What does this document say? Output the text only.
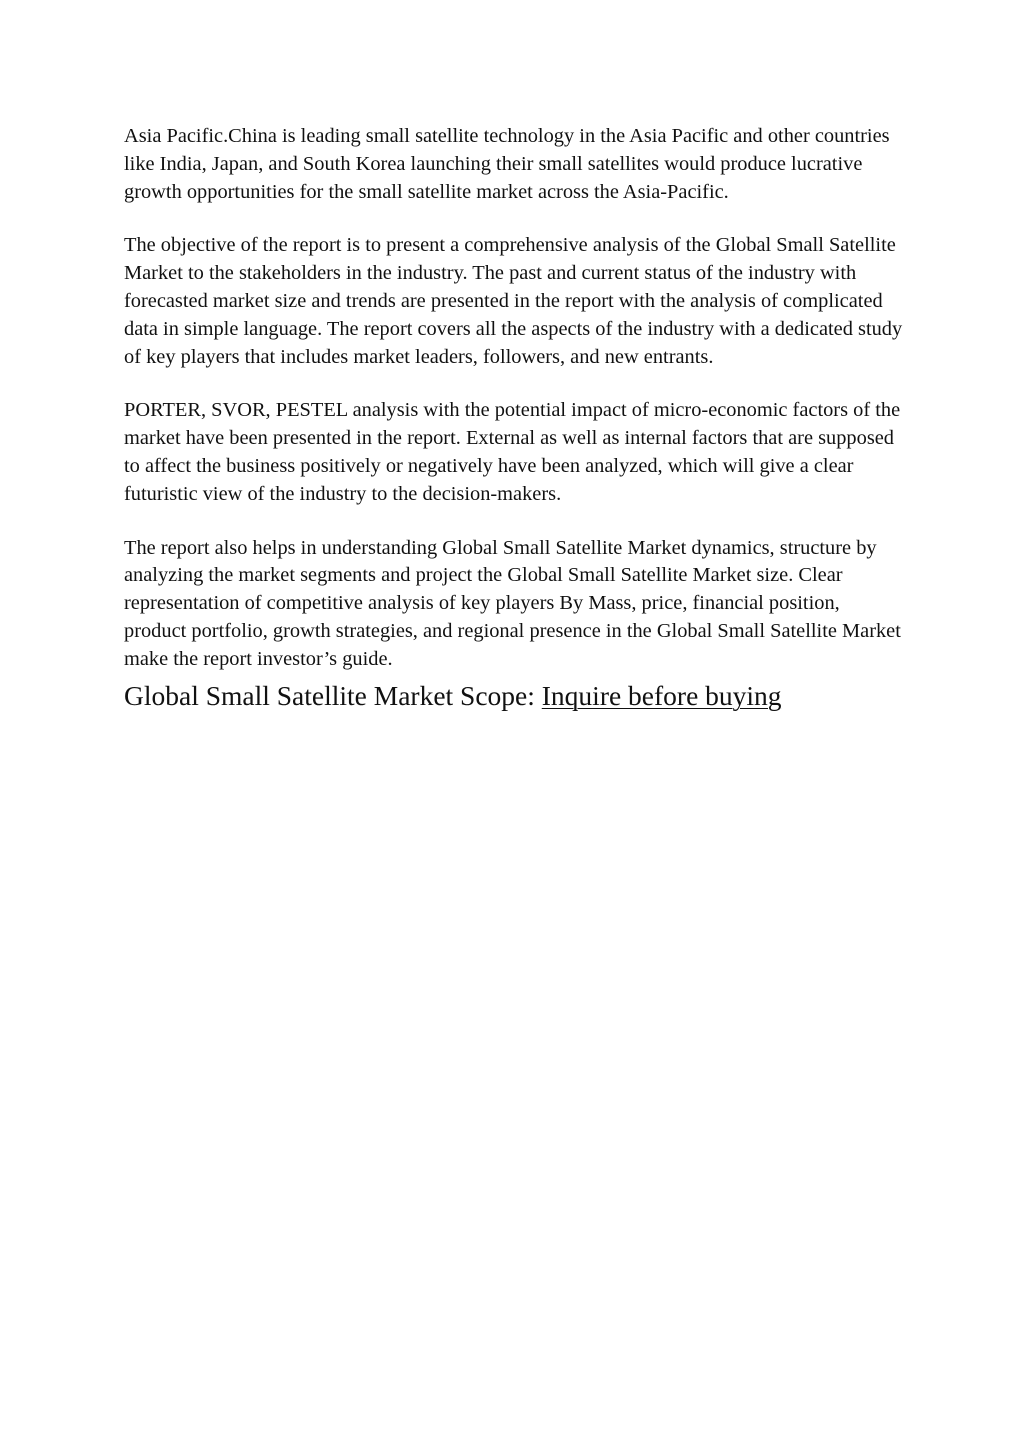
Asia Pacific.China is leading small satellite technology in the Asia Pacific and other countries like India, Japan, and South Korea launching their small satellites would produce lucrative growth opportunities for the small satellite market across the Asia-Pacific.

The objective of the report is to present a comprehensive analysis of the Global Small Satellite Market to the stakeholders in the industry. The past and current status of the industry with forecasted market size and trends are presented in the report with the analysis of complicated data in simple language. The report covers all the aspects of the industry with a dedicated study of key players that includes market leaders, followers, and new entrants.

PORTER, SVOR, PESTEL analysis with the potential impact of micro-economic factors of the market have been presented in the report. External as well as internal factors that are supposed to affect the business positively or negatively have been analyzed, which will give a clear futuristic view of the industry to the decision-makers.

The report also helps in understanding Global Small Satellite Market dynamics, structure by analyzing the market segments and project the Global Small Satellite Market size. Clear representation of competitive analysis of key players By Mass, price, financial position, product portfolio, growth strategies, and regional presence in the Global Small Satellite Market make the report investor’s guide.

Global Small Satellite Market Scope: Inquire before buying
